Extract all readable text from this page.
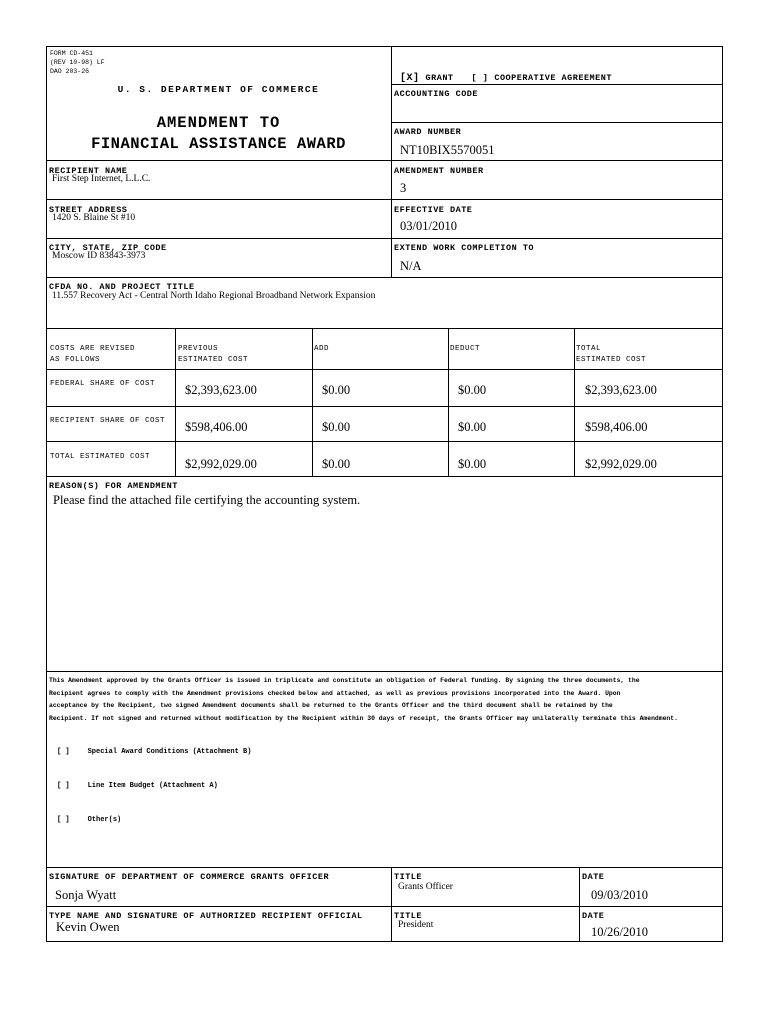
FORM CD-451
(REV 10-98) LF
DAO 203-26
U. S. DEPARTMENT OF COMMERCE
AMENDMENT TO
FINANCIAL ASSISTANCE AWARD
[X] GRANT [ ] COOPERATIVE AGREEMENT
ACCOUNTING CODE
AWARD NUMBER
NT10BIX5570051
RECIPIENT NAME
First Step Internet, L.L.C.
AMENDMENT NUMBER
3
STREET ADDRESS
1420 S. Blaine St #10
EFFECTIVE DATE
03/01/2010
CITY, STATE, ZIP CODE
Moscow ID 83843-3973
EXTEND WORK COMPLETION TO
N/A
CFDA NO. AND PROJECT TITLE
11.557 Recovery Act - Central North Idaho Regional Broadband Network Expansion
COSTS ARE REVISED
AS FOLLOWS
PREVIOUS
ESTIMATED COST
ADD	DEDUCT	TOTAL
ESTIMATED COST
FEDERAL SHARE OF COST $2,393,623.00	$0.00	$0.00	$2,393,623.00
RECIPIENT SHARE OF COST $598,406.00	$0.00	$0.00	$598,406.00
TOTAL ESTIMATED COST	$2,992,029.00	$0.00	$0.00	$2,992,029.00
REASON(S) FOR AMENDMENT
Please find the attached file certifying the accounting system.
This Amendment approved by the Grants Officer is issued in triplicate and constitute an obligation of Federal funding. By signing the three documents, the
Recipient agrees to comply with the Amendment provisions checked below and attached, as well as previous provisions incorporated into the Award. Upon
acceptance by the Recipient, two signed Amendment documents shall be returned to the Grants Officer and the third document shall be retained by the
Recipient. If not signed and returned without modification by the Recipient within 30 days of receipt, the Grants Officer may unilaterally terminate this Amendment.
[ ]	Special Award Conditions (Attachment B)
[ ]	Line Item Budget (Attachment A)
[ ]	Other(s)
SIGNATURE OF DEPARTMENT OF COMMERCE GRANTS OFFICER
Sonja Wyatt
TITLE
Grants Officer
DATE
09/03/2010
TYPE NAME AND SIGNATURE OF AUTHORIZED RECIPIENT OFFICIAL
Kevin Owen
TITLE
President
DATE
10/26/2010
